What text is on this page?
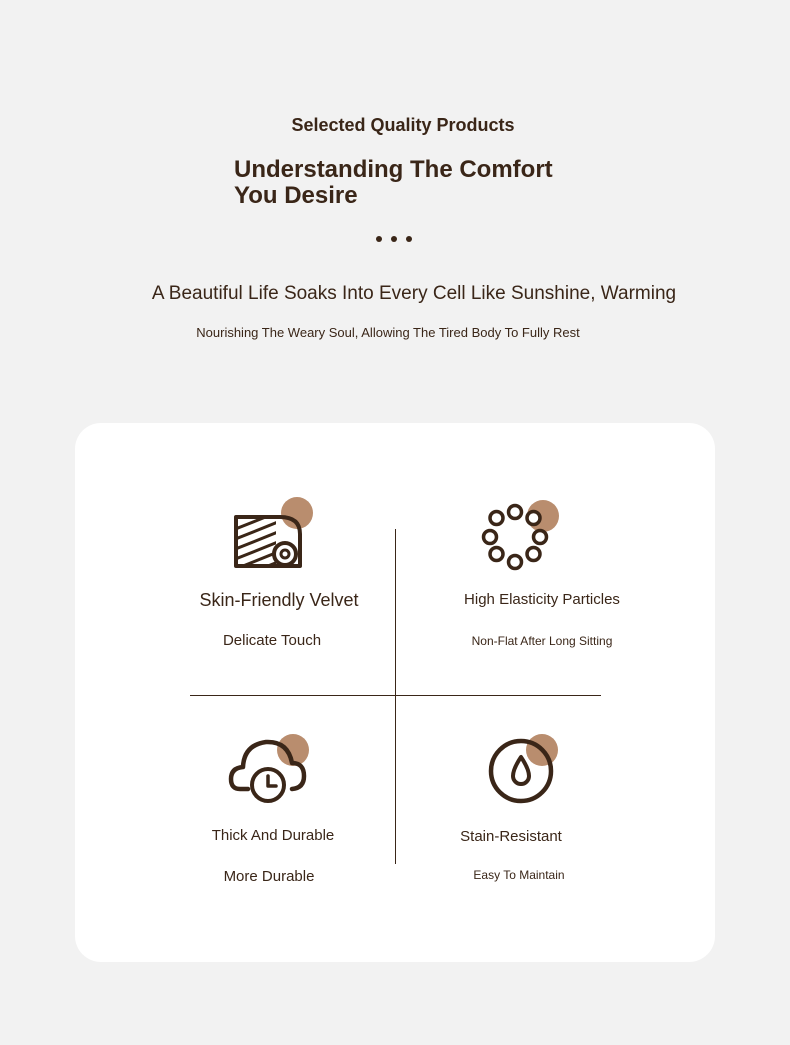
Selected Quality Products
Understanding The Comfort
You Desire
A Beautiful Life Soaks Into Every Cell Like Sunshine, Warming
Nourishing The Weary Soul, Allowing The Tired Body To Fully Rest
Skin-Friendly Velvet
Delicate Touch
High Elasticity Particles
Non-Flat After Long Sitting
Thick And Durable
More Durable
Stain-Resistant
Easy To Maintain
